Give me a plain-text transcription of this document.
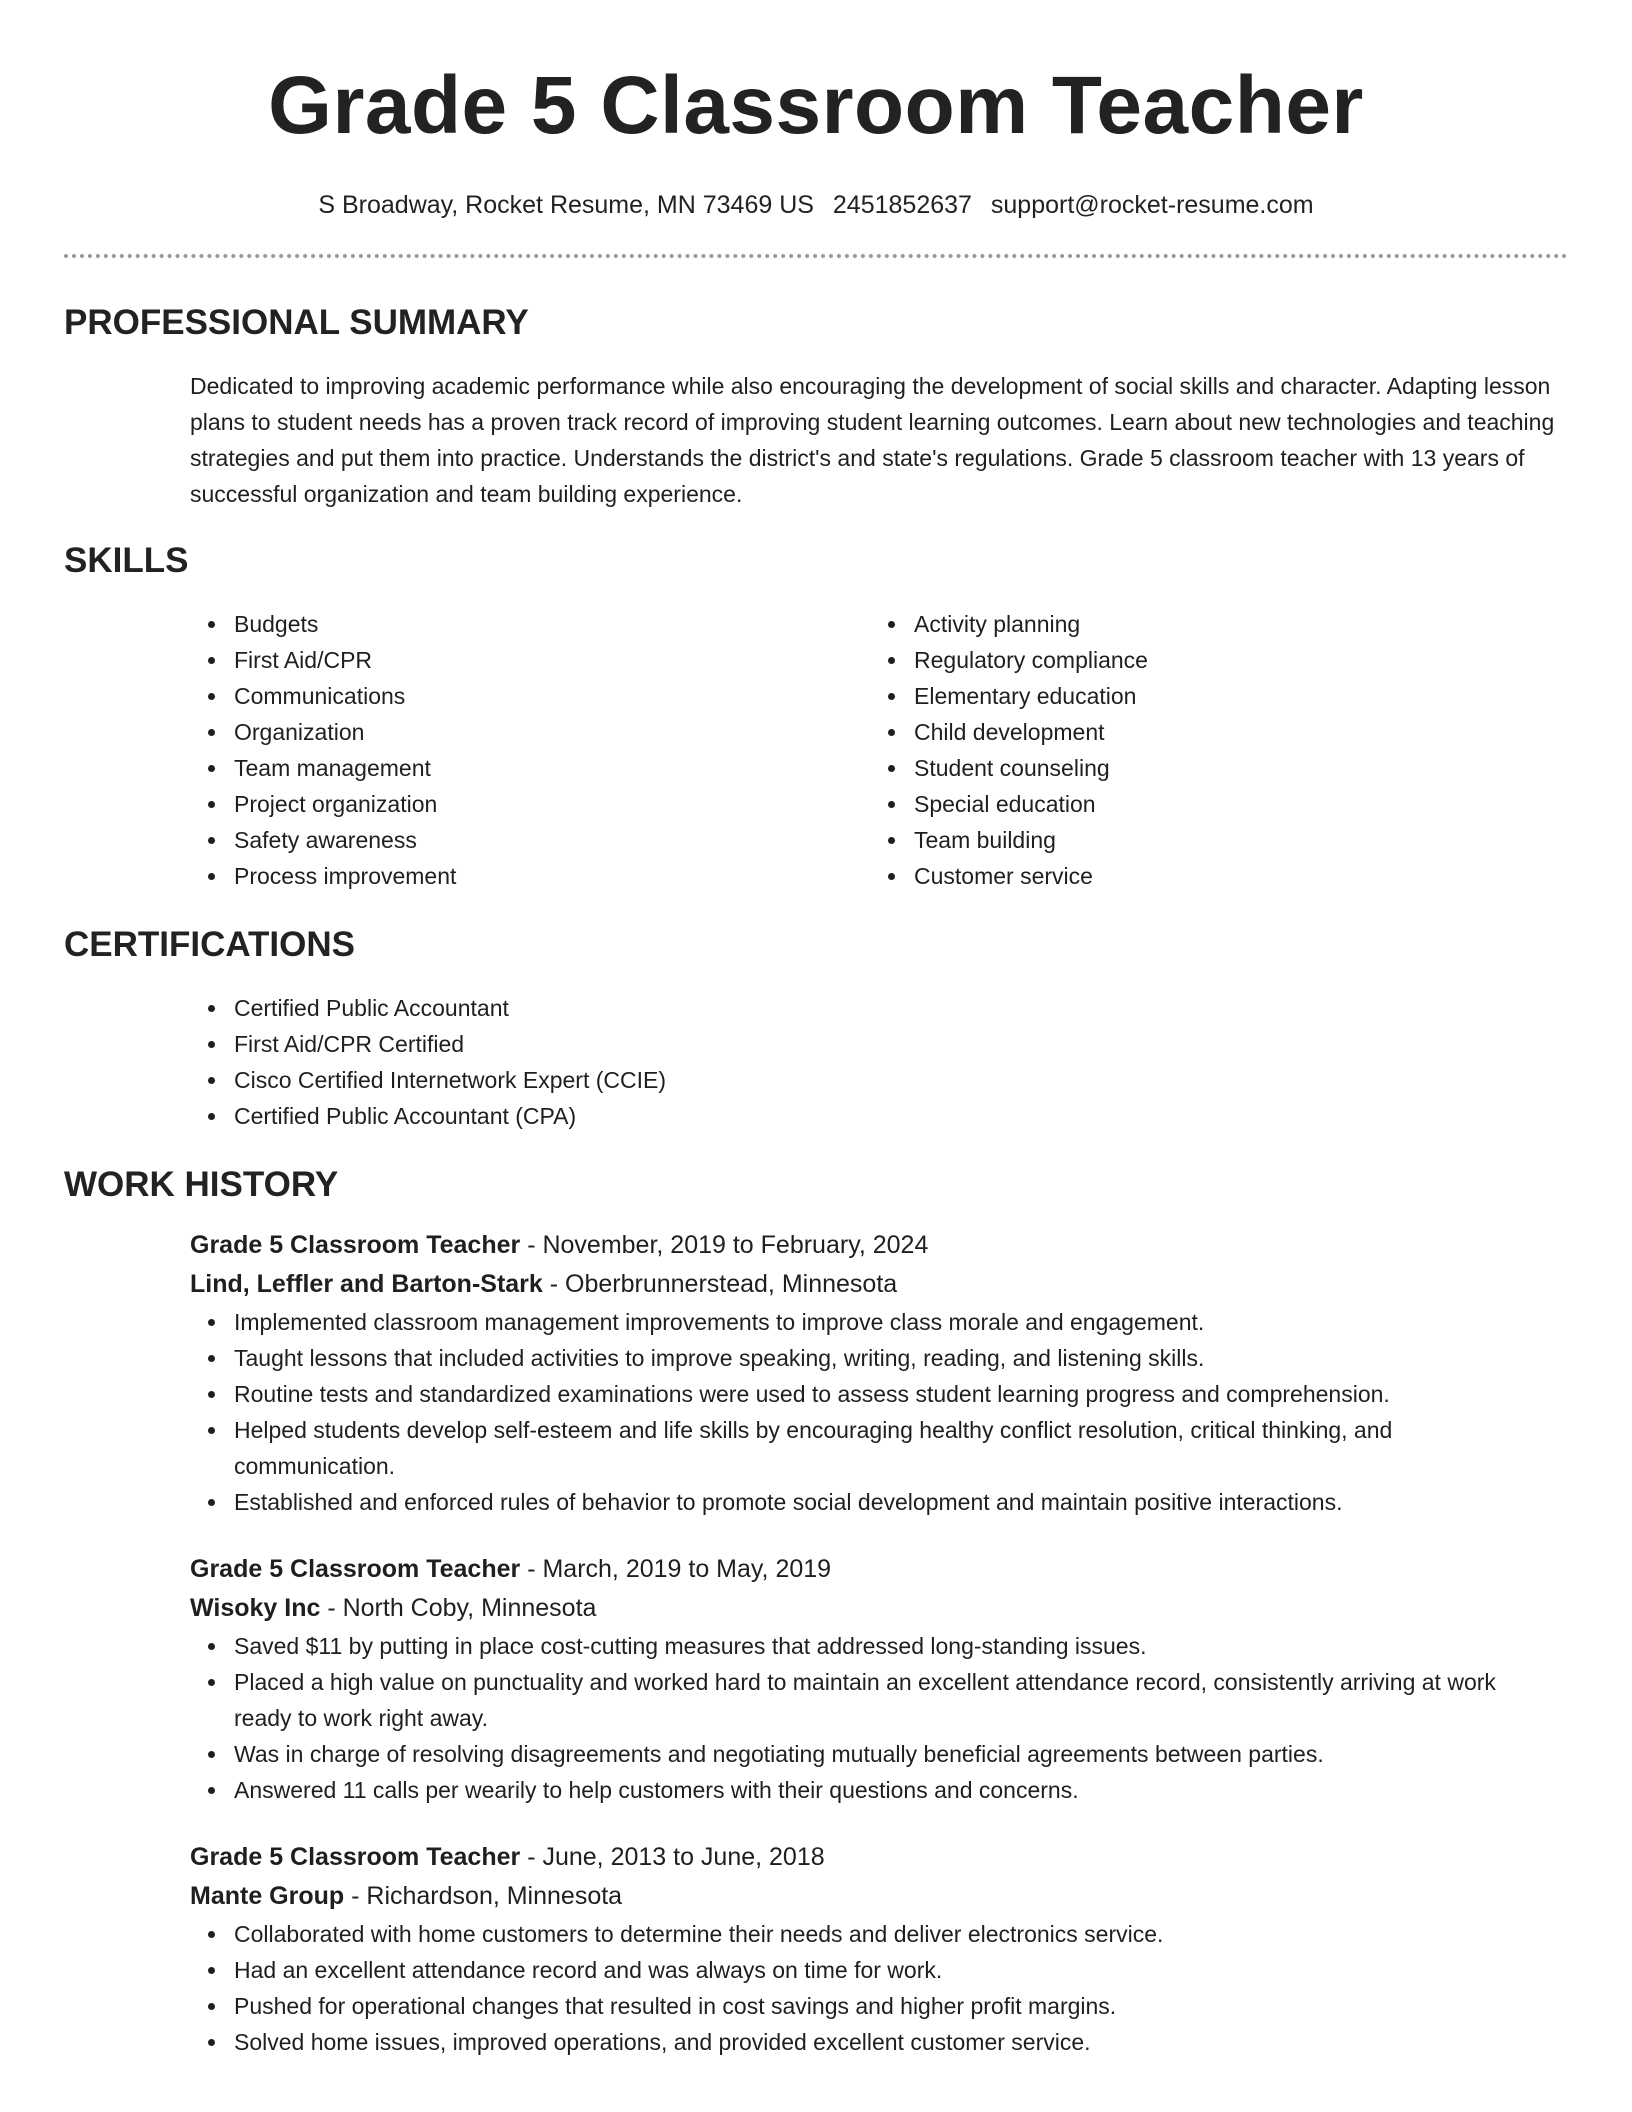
Grade 5 Classroom Teacher
S Broadway, Rocket Resume, MN 73469 US 2451852637 support@rocket-resume.com
PROFESSIONAL SUMMARY
Dedicated to improving academic performance while also encouraging the development of social skills and character. Adapting lesson plans to student needs has a proven track record of improving student learning outcomes. Learn about new technologies and teaching strategies and put them into practice. Understands the district's and state's regulations. Grade 5 classroom teacher with 13 years of successful organization and team building experience.
SKILLS
Budgets
First Aid/CPR
Communications
Organization
Team management
Project organization
Safety awareness
Process improvement
Activity planning
Regulatory compliance
Elementary education
Child development
Student counseling
Special education
Team building
Customer service
CERTIFICATIONS
Certified Public Accountant
First Aid/CPR Certified
Cisco Certified Internetwork Expert (CCIE)
Certified Public Accountant (CPA)
WORK HISTORY
Grade 5 Classroom Teacher - November, 2019 to February, 2024
Lind, Leffler and Barton-Stark - Oberbrunnerstead, Minnesota
Implemented classroom management improvements to improve class morale and engagement.
Taught lessons that included activities to improve speaking, writing, reading, and listening skills.
Routine tests and standardized examinations were used to assess student learning progress and comprehension.
Helped students develop self-esteem and life skills by encouraging healthy conflict resolution, critical thinking, and communication.
Established and enforced rules of behavior to promote social development and maintain positive interactions.
Grade 5 Classroom Teacher - March, 2019 to May, 2019
Wisoky Inc - North Coby, Minnesota
Saved $11 by putting in place cost-cutting measures that addressed long-standing issues.
Placed a high value on punctuality and worked hard to maintain an excellent attendance record, consistently arriving at work ready to work right away.
Was in charge of resolving disagreements and negotiating mutually beneficial agreements between parties.
Answered 11 calls per wearily to help customers with their questions and concerns.
Grade 5 Classroom Teacher - June, 2013 to June, 2018
Mante Group - Richardson, Minnesota
Collaborated with home customers to determine their needs and deliver electronics service.
Had an excellent attendance record and was always on time for work.
Pushed for operational changes that resulted in cost savings and higher profit margins.
Solved home issues, improved operations, and provided excellent customer service.
